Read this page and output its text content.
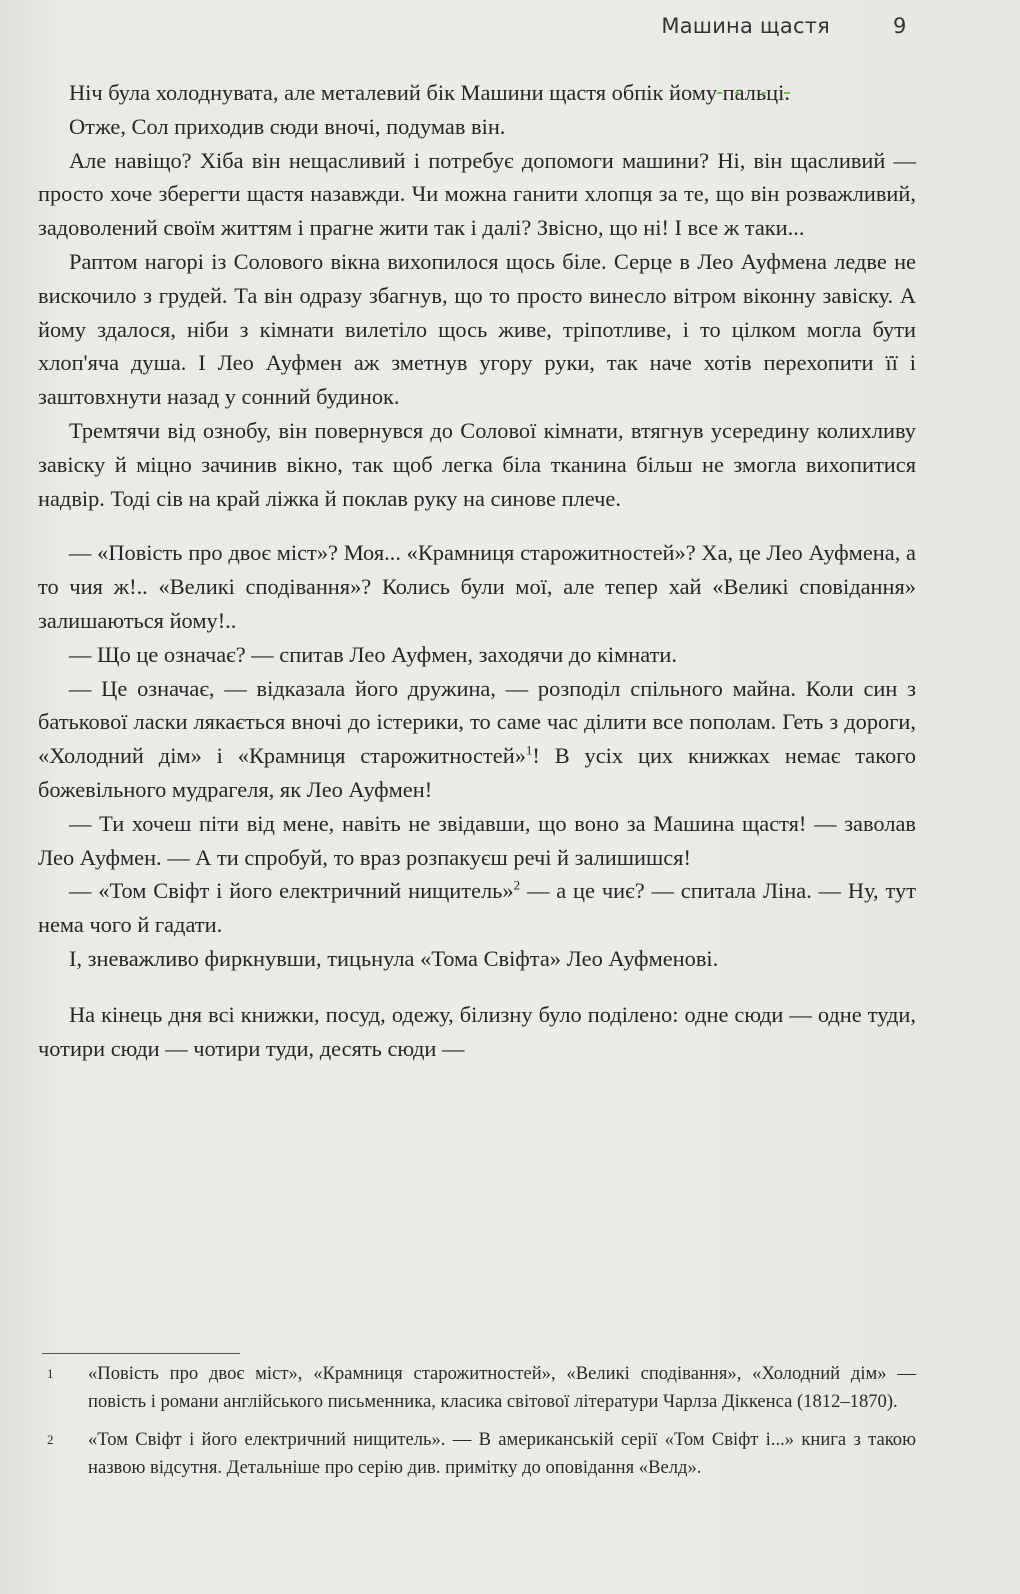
Машина щастя	9

Ніч була холоднувата, але металевий бік Машини щастя обпік йому пальці.

Отже, Сол приходив сюди вночі, подумав він.

Але навіщо? Хіба він нещасливий і потребує допомоги машини? Ні, він щасливий — просто хоче зберегти щастя назавжди. Чи можна ганити хлопця за те, що він розважливий, задоволений своїм життям і прагне жити так і далі? Звісно, що ні! І все ж таки...

Раптом нагорі із Солового вікна вихопилося щось біле. Серце в Лео Ауфмена ледве не вискочило з грудей. Та він одразу збагнув, що то просто винесло вітром віконну завіску. А йому здалося, ніби з кімнати вилетіло щось живе, тріпотливе, і то цілком могла бути хлоп'яча душа. І Лео Ауфмен аж зметнув угору руки, так наче хотів перехопити її і заштовхнути назад у сонний будинок.

Тремтячи від ознобу, він повернувся до Солової кімнати, втягнув усередину колихливу завіску й міцно зачинив вікно, так щоб легка біла тканина більш не змогла вихопитися надвір. Тоді сів на край ліжка й поклав руку на синове плече.

— «Повість про двоє міст»? Моя... «Крамниця старожитностей»? Ха, це Лео Ауфмена, а то чия ж!.. «Великі сподівання»? Колись були мої, але тепер хай «Великі сповідання» залишаються йому!..

— Що це означає? — спитав Лео Ауфмен, заходячи до кімнати.

— Це означає, — відказала його дружина, — розподіл спільного майна. Коли син з батькової ласки лякається вночі до істерики, то саме час ділити все пополам. Геть з дороги, «Холодний дім» і «Крамниця старожитностей»$^1$! В усіх цих книжках немає такого божевільного мудрагеля, як Лео Ауфмен!

— Ти хочеш піти від мене, навіть не звідавши, що воно за Машина щастя! — заволав Лео Ауфмен. — А ти спробуй, то враз розпакуєш речі й залишишся!

— «Том Свіфт і його електричний нищитель»$^2$ — а це чиє? — спитала Ліна. — Ну, тут нема чого й гадати.

І, зневажливо фиркнувши, тицьнула «Тома Свіфта» Лео Ауфменові.

На кінець дня всі книжки, посуд, одежу, білизну було поділено: одне сюди — одне туди, чотири сюди — чотири туди, десять сюди —

1 «Повість про двоє міст», «Крамниця старожитностей», «Великі сподівання», «Холодний дім» — повість і романи англійського письменника, класика світової літератури Чарлза Діккенса (1812–1870).
2 «Том Свіфт і його електричний нищитель». — В американській серії «Том Свіфт і...» книга з такою назвою відсутня. Детальніше про серію див. примітку до оповідання «Велд».
